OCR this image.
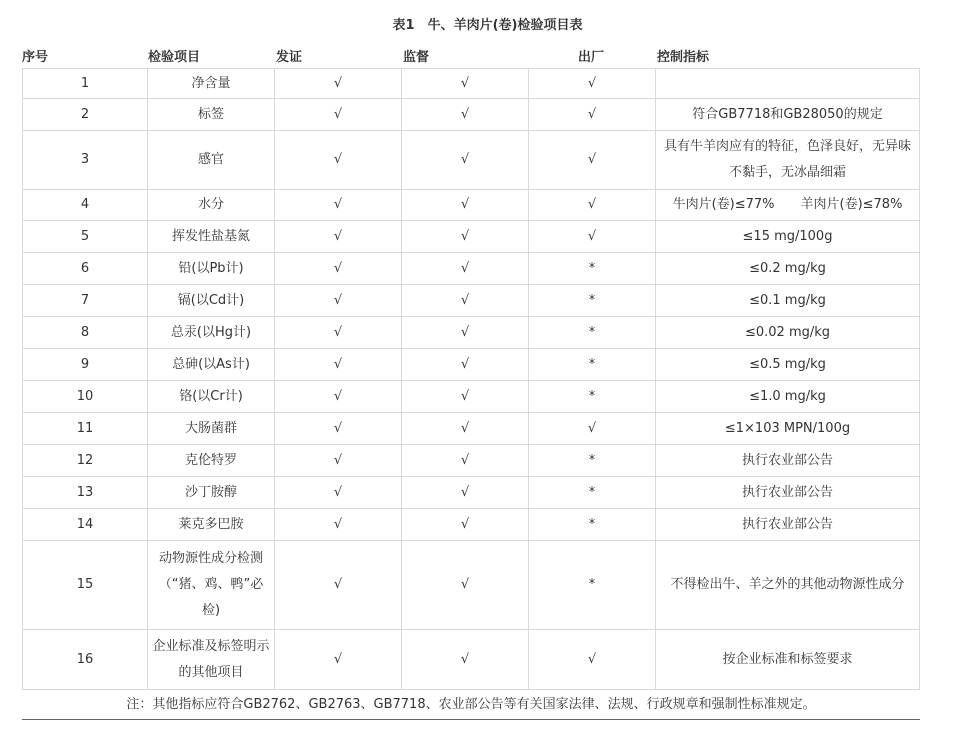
表1　牛、羊肉片(卷)检验项目表
序号	检验项目	发证	监督	出厂	控制指标
1	净含量	√	√	√	
2	标签	√	√	√	符合GB7718和GB28050的规定
3	感官	√	√	√	具有牛羊肉应有的特征，色泽良好，无异味不黏手，无冰晶细霜
4	水分	√	√	√	牛肉片(卷)≤77%　　羊肉片(卷)≤78%
5	挥发性盐基氮	√	√	√	≤15 mg/100g
6	铅(以Pb计)	√	√	*	≤0.2 mg/kg
7	镉(以Cd计)	√	√	*	≤0.1 mg/kg
8	总汞(以Hg计)	√	√	*	≤0.02 mg/kg
9	总砷(以As计)	√	√	*	≤0.5 mg/kg
10	铬(以Cr计)	√	√	*	≤1.0 mg/kg
11	大肠菌群	√	√	√	≤1×103 MPN/100g
12	克伦特罗	√	√	*	执行农业部公告
13	沙丁胺醇	√	√	*	执行农业部公告
14	莱克多巴胺	√	√	*	执行农业部公告
15	动物源性成分检测（“猪、鸡、鸭”必检)	√	√	*	不得检出牛、羊之外的其他动物源性成分
16	企业标准及标签明示的其他项目	√	√	√	按企业标准和标签要求
注：其他指标应符合GB2762、GB2763、GB7718、农业部公告等有关国家法律、法规、行政规章和强制性标准规定。					
